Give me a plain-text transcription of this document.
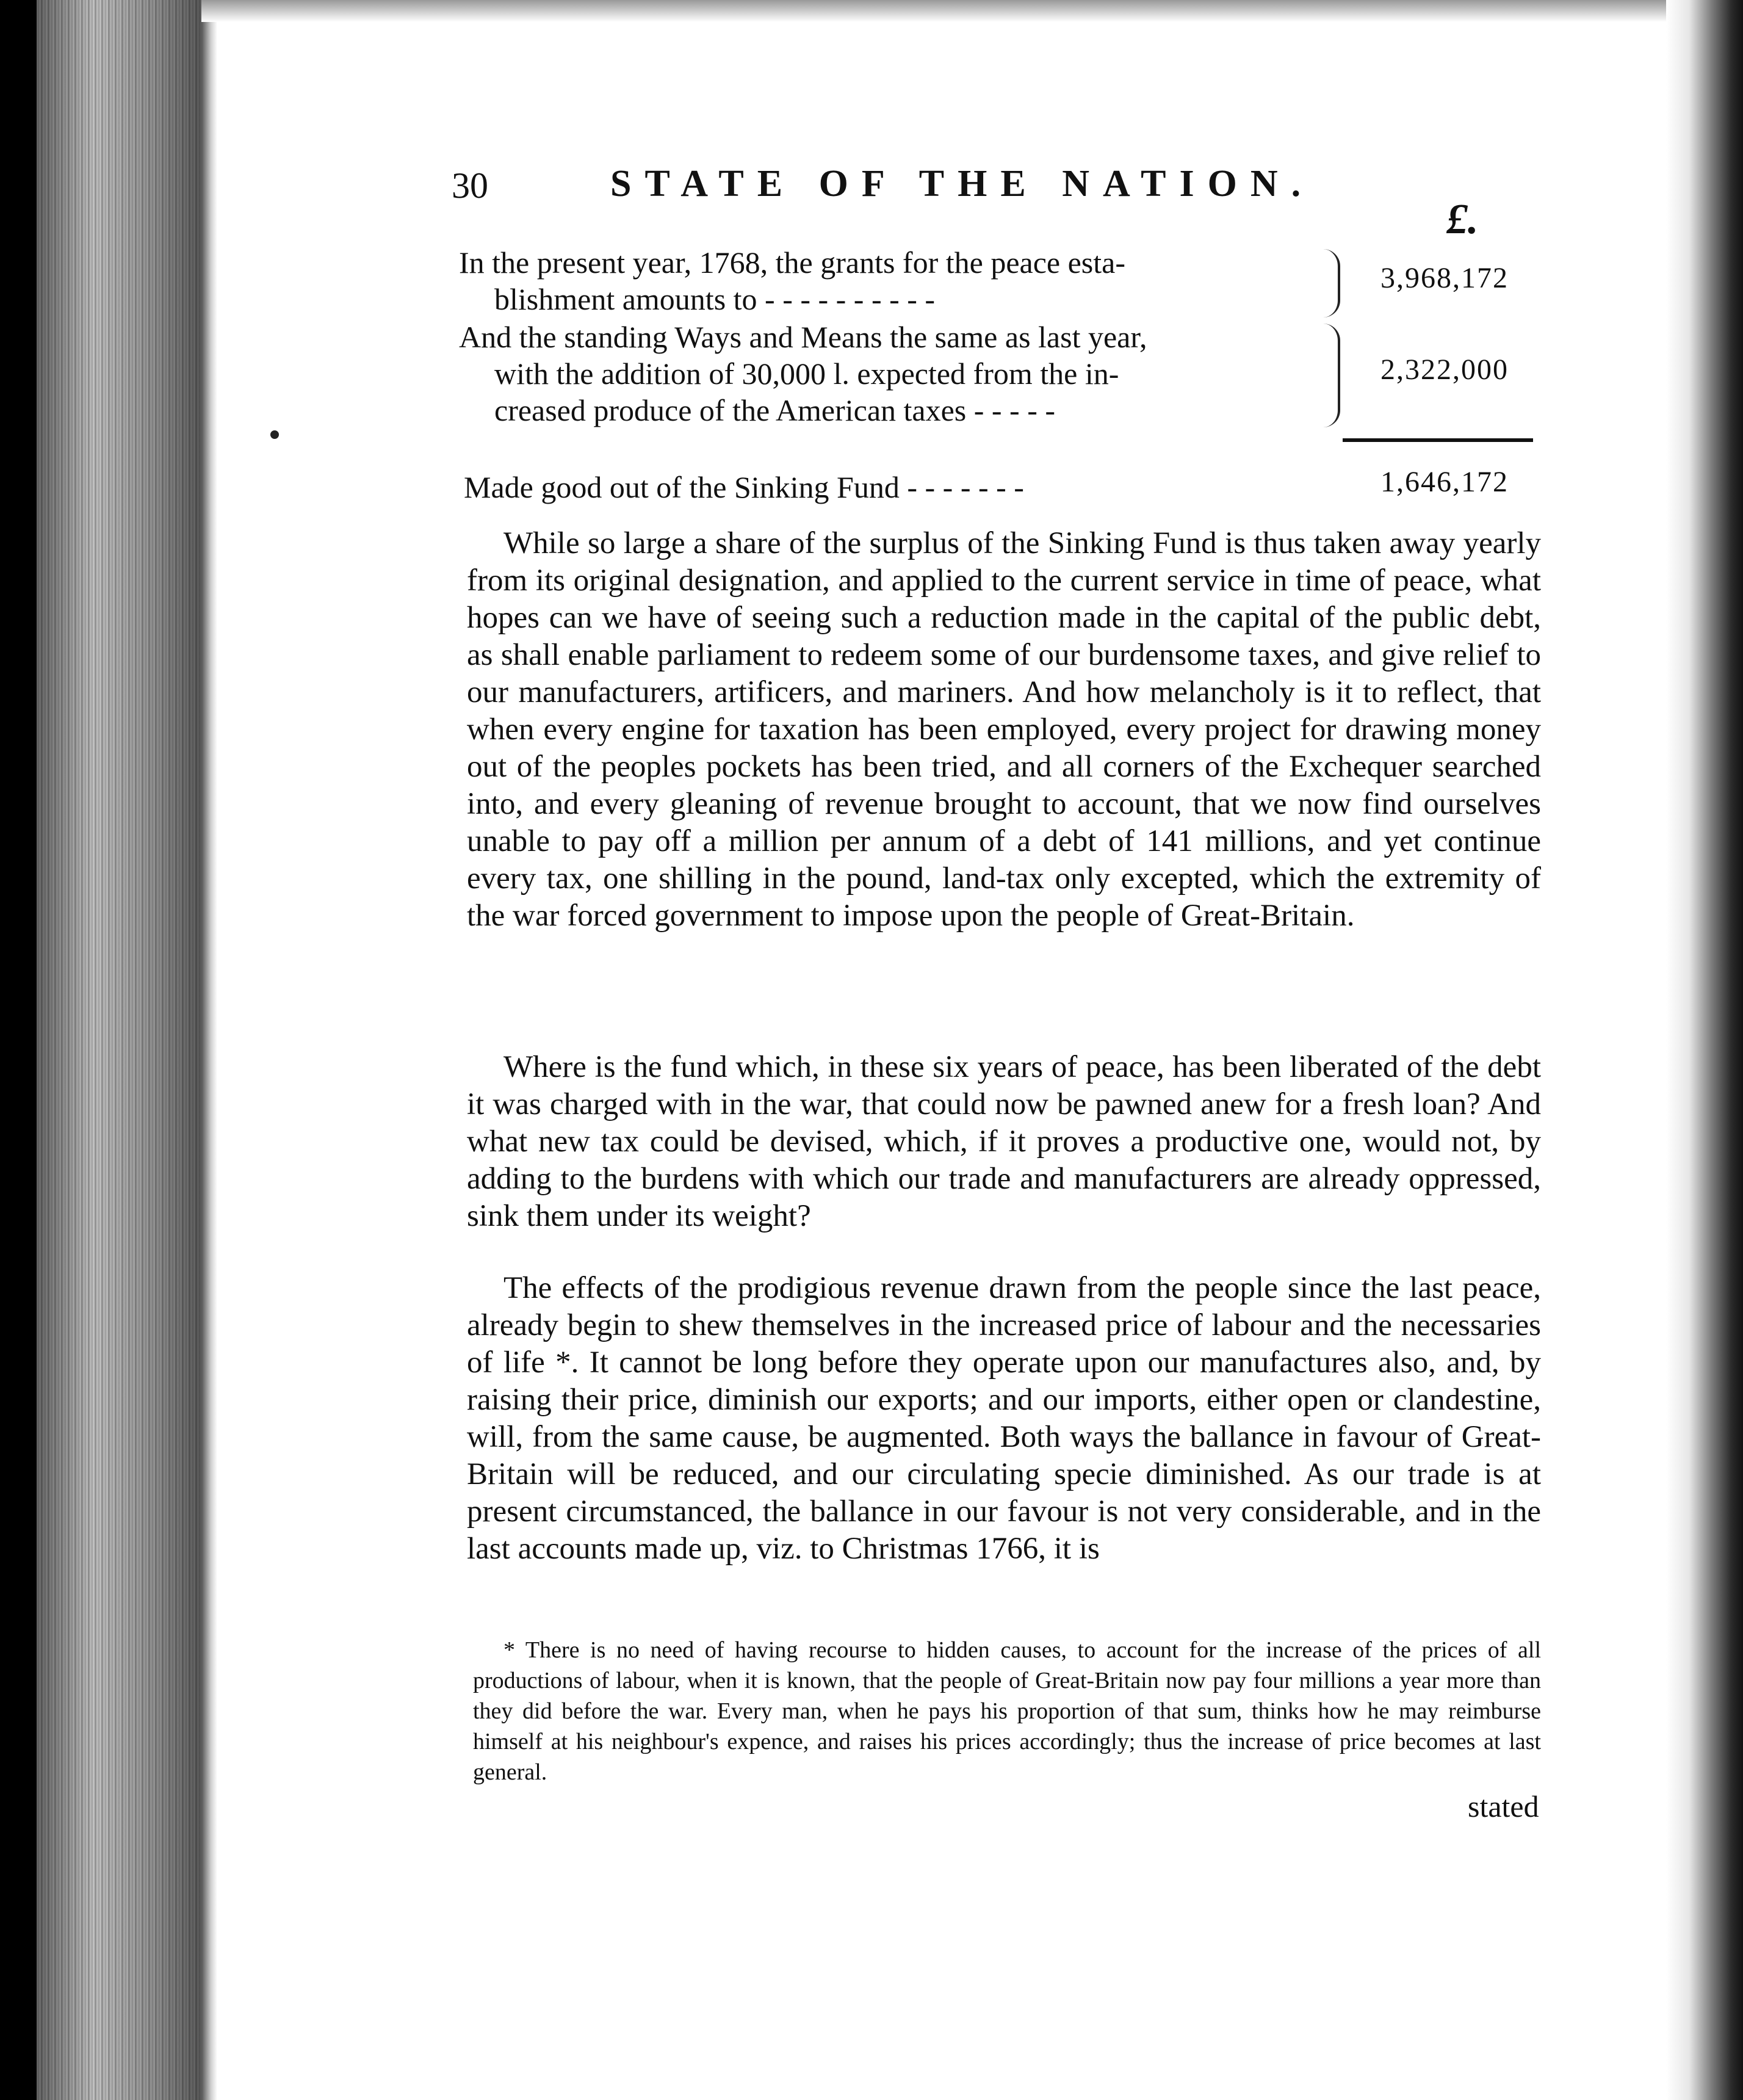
30	STATE OF THE NATION.
£.
In the present year, 1768, the grants for the peace esta-
blishment amounts to - - - - - - - - - -
3,968,172
And the standing Ways and Means the same as last year,
with the addition of 30,000 l. expected from the in-
creased produce of the American taxes - - - - -
2,322,000
Made good out of the Sinking Fund - - - - - - -	1,646,172

While so large a share of the surplus of the Sinking Fund is thus taken away yearly from its original designation, and applied to the current service in time of peace, what hopes can we have of seeing such a reduction made in the capital of the public debt, as shall enable parliament to redeem some of our burdensome taxes, and give relief to our manufacturers, artificers, and mariners. And how melancholy is it to reflect, that when every engine for taxation has been employed, every project for drawing money out of the peoples pockets has been tried, and all corners of the Exchequer searched into, and every gleaning of revenue brought to account, that we now find ourselves unable to pay off a million per annum of a debt of 141 millions, and yet continue every tax, one shilling in the pound, land-tax only excepted, which the extremity of the war forced government to impose upon the people of Great-Britain.

Where is the fund which, in these six years of peace, has been liberated of the debt it was charged with in the war, that could now be pawned anew for a fresh loan? And what new tax could be devised, which, if it proves a productive one, would not, by adding to the burdens with which our trade and manufacturers are already oppressed, sink them under its weight?

The effects of the prodigious revenue drawn from the people since the last peace, already begin to shew themselves in the increased price of labour and the necessaries of life *. It cannot be long before they operate upon our manufactures also, and, by raising their price, diminish our exports; and our imports, either open or clandestine, will, from the same cause, be augmented. Both ways the ballance in favour of Great-Britain will be reduced, and our circulating specie diminished. As our trade is at present circumstanced, the ballance in our favour is not very considerable, and in the last accounts made up, viz. to Christmas 1766, it is

* There is no need of having recourse to hidden causes, to account for the increase of the prices of all productions of labour, when it is known, that the people of Great-Britain now pay four millions a year more than they did before the war. Every man, when he pays his proportion of that sum, thinks how he may reimburse himself at his neighbour's expence, and raises his prices accordingly; thus the increase of price becomes at last general.

stated
